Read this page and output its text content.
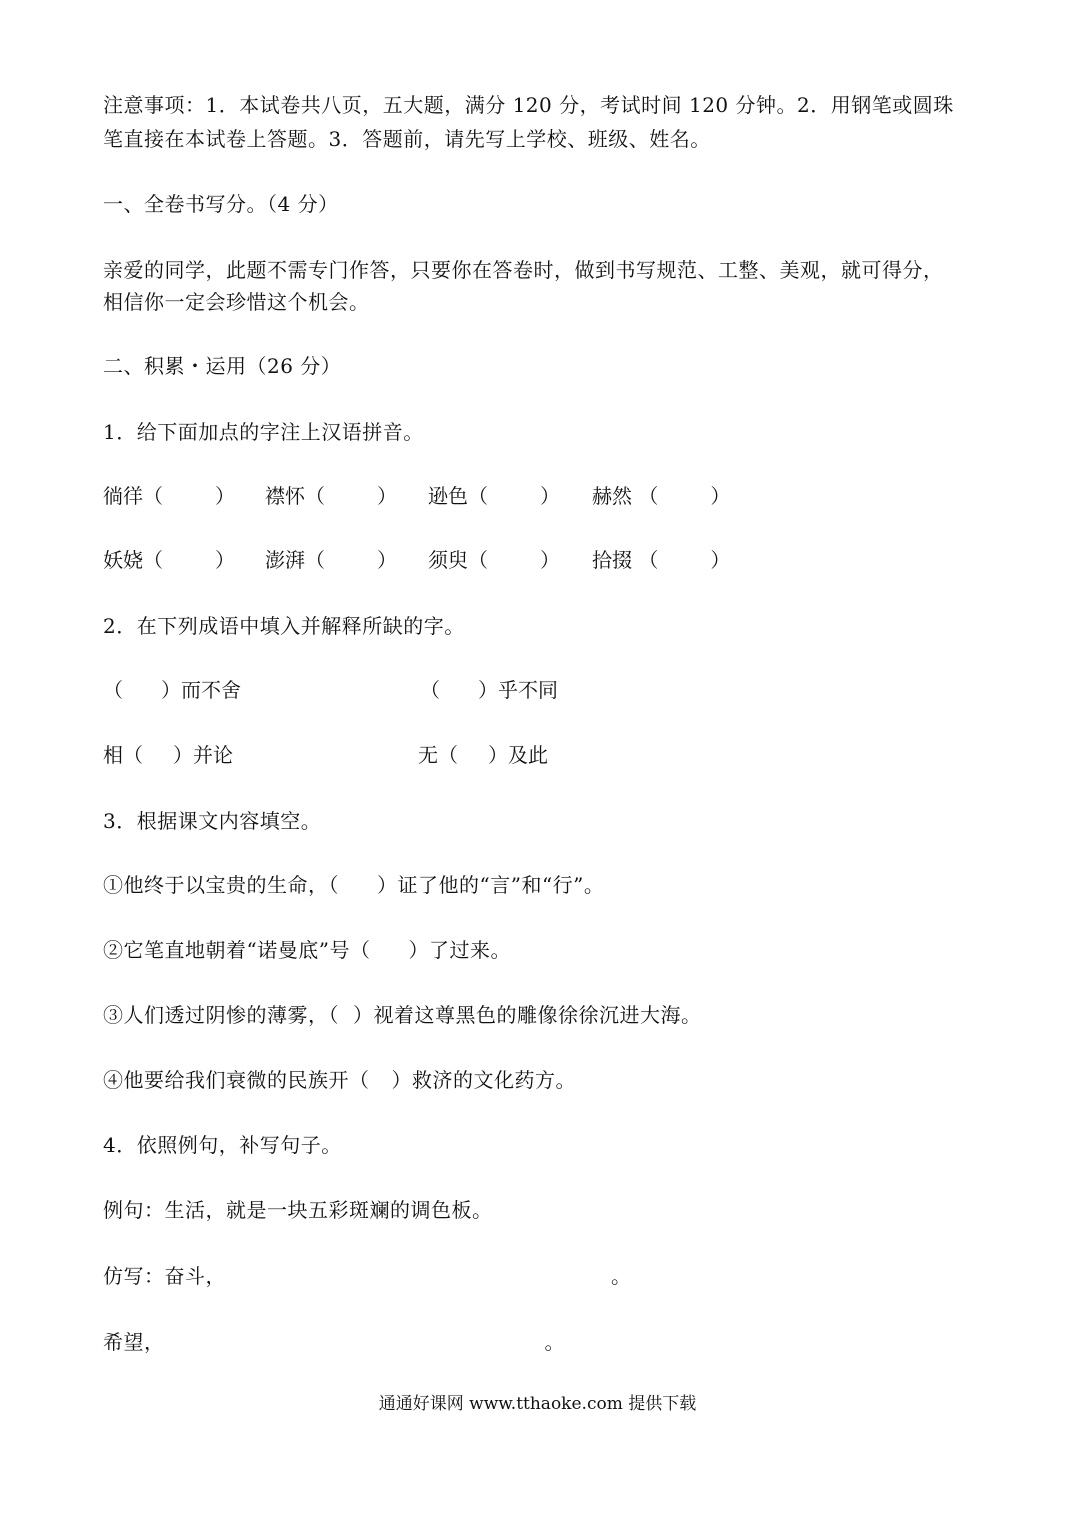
注意事项：1．本试卷共八页，五大题，满分 120 分，考试时间 120 分钟。2．用钢笔或圆珠
笔直接在本试卷上答题。3．答题前，请先写上学校、班级、姓名。
一、全卷书写分。（4 分）
亲爱的同学，此题不需专门作答，只要你在答卷时，做到书写规范、工整、美观，就可得分，
相信你一定会珍惜这个机会。
二、积累・运用（26 分）
1．给下面加点的字注上汉语拼音。
徜徉（	） 襟怀（	） 逊色（	） 赫然 （	）
妖娆（	） 澎湃（	） 须臾（	） 拾掇 （	）
2．在下列成语中填入并解释所缺的字。
（ ）而不舍	（ ）乎不同
相（ ）并论	无（ ）及此
3．根据课文内容填空。
①他终于以宝贵的生命，（ ）证了他的“言”和“行”。
②它笔直地朝着“诺曼底”号（ ）了过来。
③人们透过阴惨的薄雾，（ ）视着这尊黑色的雕像徐徐沉进大海。
④他要给我们衰微的民族开（ ）救济的文化药方。
4．依照例句，补写句子。
例句：生活，就是一块五彩斑斓的调色板。
仿写：奋斗，	。
希望，	。
通通好课网 www.tthaoke.com 提供下载
